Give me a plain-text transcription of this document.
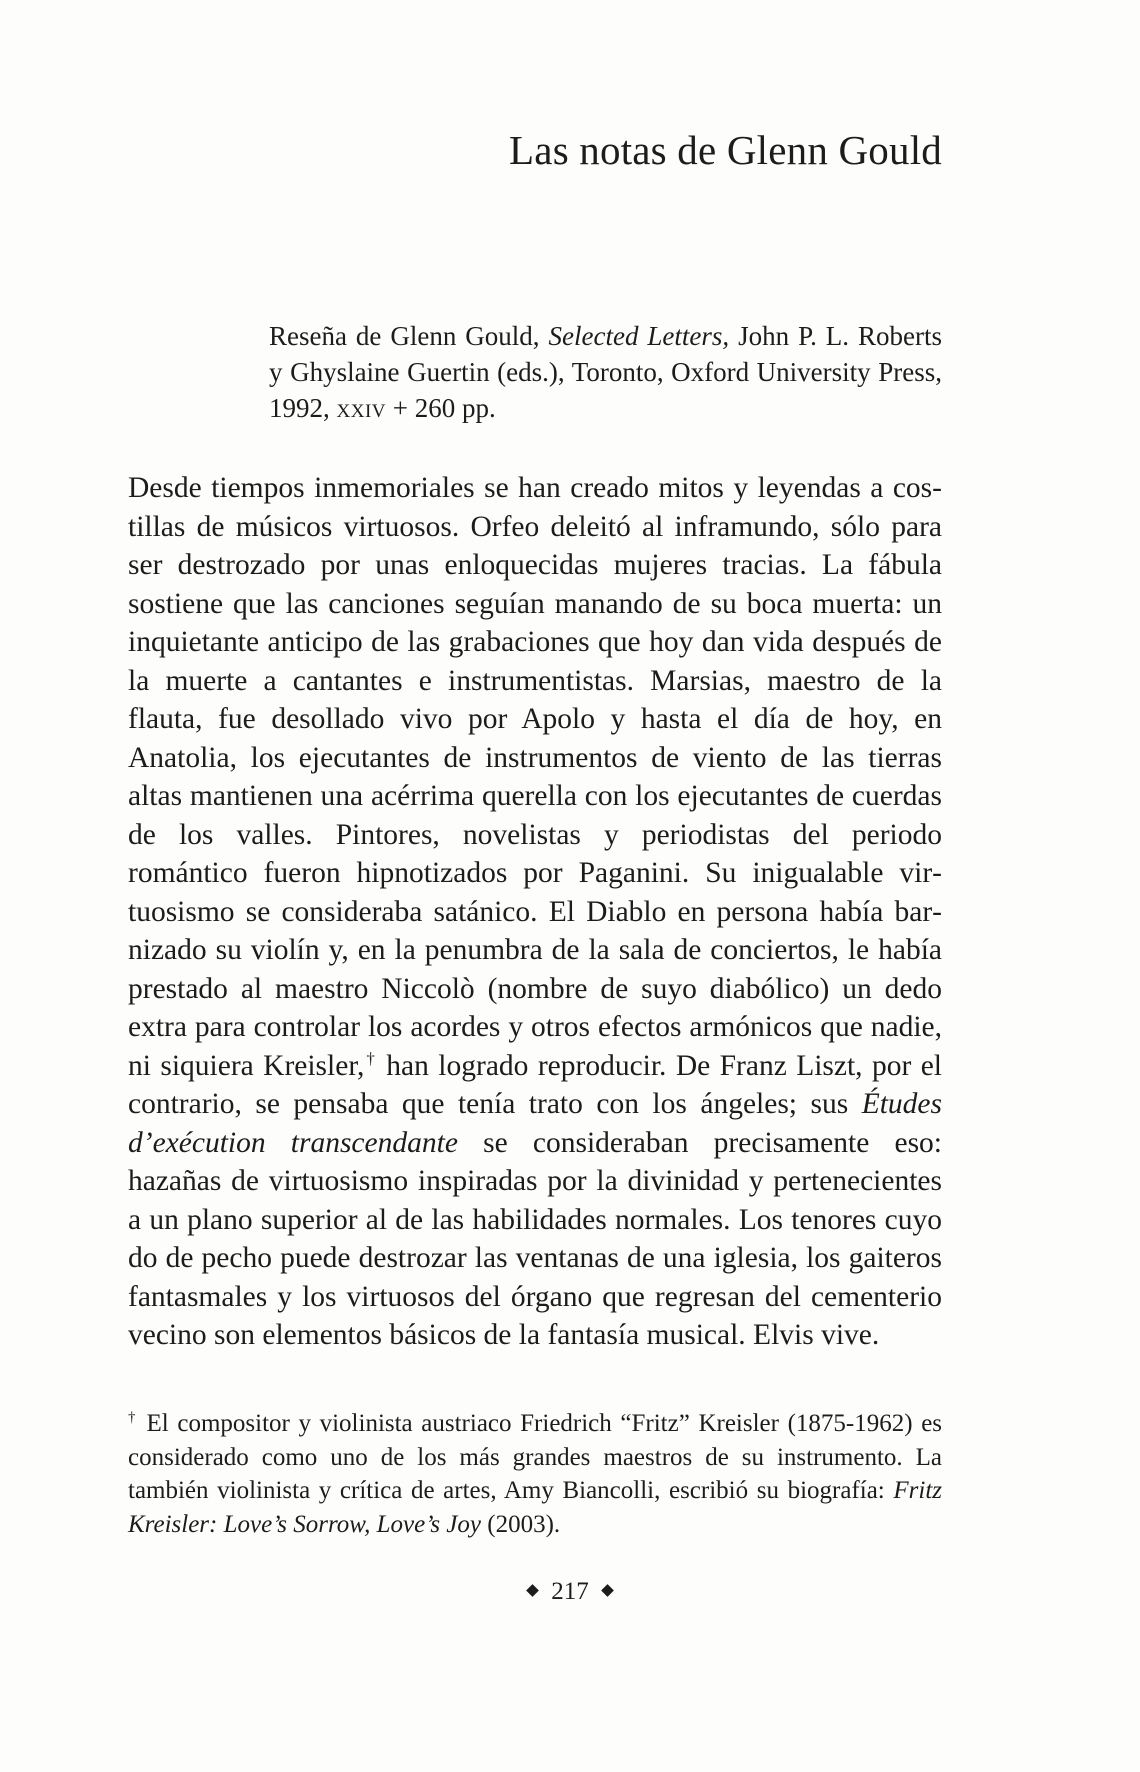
Las notas de Glenn Gould

Reseña de Glenn Gould, Selected Letters, John P. L. Roberts y Ghyslaine Guertin (eds.), Toronto, Oxford University Press, 1992, xxiv + 260 pp.

Desde tiempos inmemoriales se han creado mitos y leyendas a costillas de músicos virtuosos. Orfeo deleitó al inframundo, sólo para ser destrozado por unas enloquecidas mujeres tracias. La fábula sostiene que las canciones seguían manando de su boca muerta: un inquietante anticipo de las grabaciones que hoy dan vida después de la muerte a cantantes e instrumentistas. Marsias, maestro de la flauta, fue desollado vivo por Apolo y hasta el día de hoy, en Anatolia, los ejecutantes de instrumentos de viento de las tierras altas mantienen una acérrima querella con los ejecutantes de cuerdas de los valles. Pintores, novelistas y periodistas del periodo romántico fueron hipnotizados por Paganini. Su inigualable virtuosismo se consideraba satánico. El Diablo en persona había barnizado su violín y, en la penumbra de la sala de conciertos, le había prestado al maestro Niccolò (nombre de suyo diabólico) un dedo extra para controlar los acordes y otros efectos armónicos que nadie, ni siquiera Kreisler,† han logrado reproducir. De Franz Liszt, por el contrario, se pensaba que tenía trato con los ángeles; sus Études d’exécution transcendante se consideraban precisamente eso: hazañas de virtuosismo inspiradas por la divinidad y pertenecientes a un plano superior al de las habilidades normales. Los tenores cuyo do de pecho puede destrozar las ventanas de una iglesia, los gaiteros fantasmales y los virtuosos del órgano que regresan del cementerio vecino son elementos básicos de la fantasía musical. Elvis vive.

† El compositor y violinista austriaco Friedrich “Fritz” Kreisler (1875-1962) es considerado como uno de los más grandes maestros de su instrumento. La también violinista y crítica de artes, Amy Biancolli, escribió su biografía: Fritz Kreisler: Love’s Sorrow, Love’s Joy (2003).

217
